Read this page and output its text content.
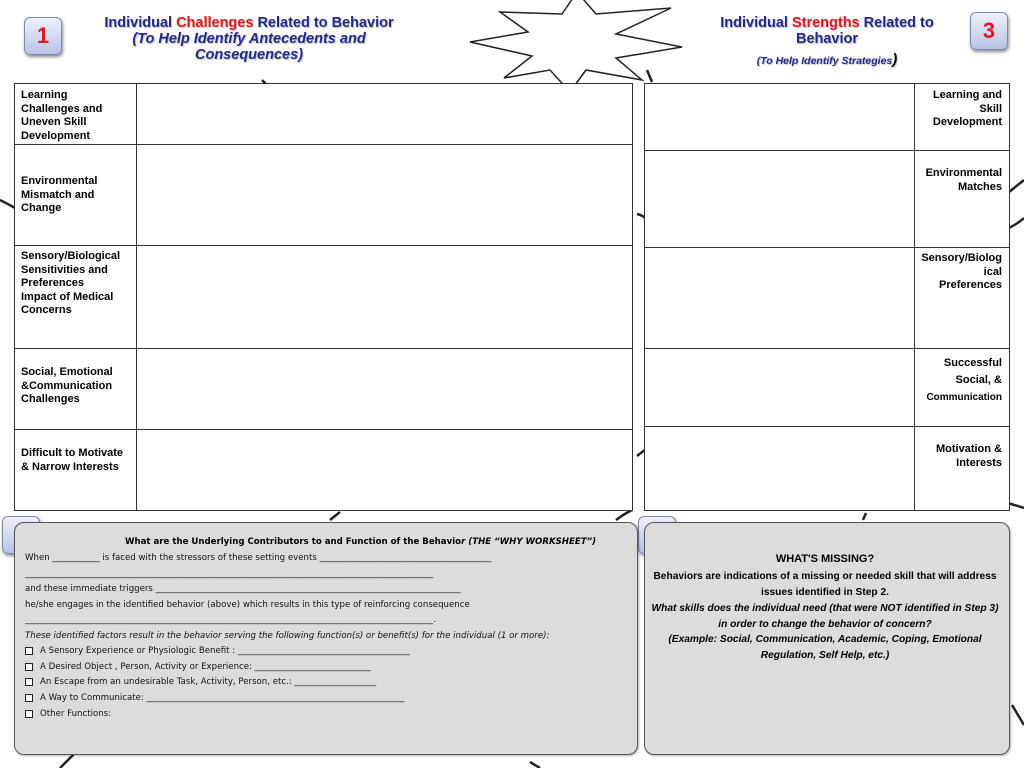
1	3
Individual Challenges Related to Behavior
(To Help Identify Antecedents and Consequences)
Individual Strengths Related to Behavior
(To Help Identify Strategies)
Learning
Challenges and
Uneven Skill
Development
Environmental
Mismatch and
Change
Sensory/Biological
Sensitivities and
Preferences
Impact of Medical
Concerns
Social, Emotional
&Communication
Challenges
Difficult to Motivate
& Narrow Interests
Learning and
Skill
Development
Environmental
Matches
Sensory/Biolog
ical
Preferences
Successful
Social, &
Communication
Motivation &
Interests
What are the Underlying Contributors to and Function of the Behavior (THE “WHY WORKSHEET”)
When ___________ is faced with the stressors of these setting events ________________________________________
_______________________________________________________________________________________________
and these immediate triggers _______________________________________________________________________
he/she engages in the identified behavior (above) which results in this type of reinforcing consequence
_______________________________________________________________________________________________.
These identified factors result in the behavior serving the following function(s) or benefit(s) for the individual (1 or more):
A Sensory Experience or Physiologic Benefit : ________________________________________
A Desired Object , Person, Activity or Experience: ___________________________
An Escape from an undesirable Task, Activity, Person, etc.: ___________________
A Way to Communicate: ____________________________________________________________
Other Functions:
WHAT'S MISSING?
Behaviors are indications of a missing or needed skill that will address
issues identified in Step 2.
What skills does the individual need (that were NOT identified in Step 3)
in order to change the behavior of concern?
(Example: Social, Communication, Academic, Coping, Emotional
Regulation, Self Help, etc.)
